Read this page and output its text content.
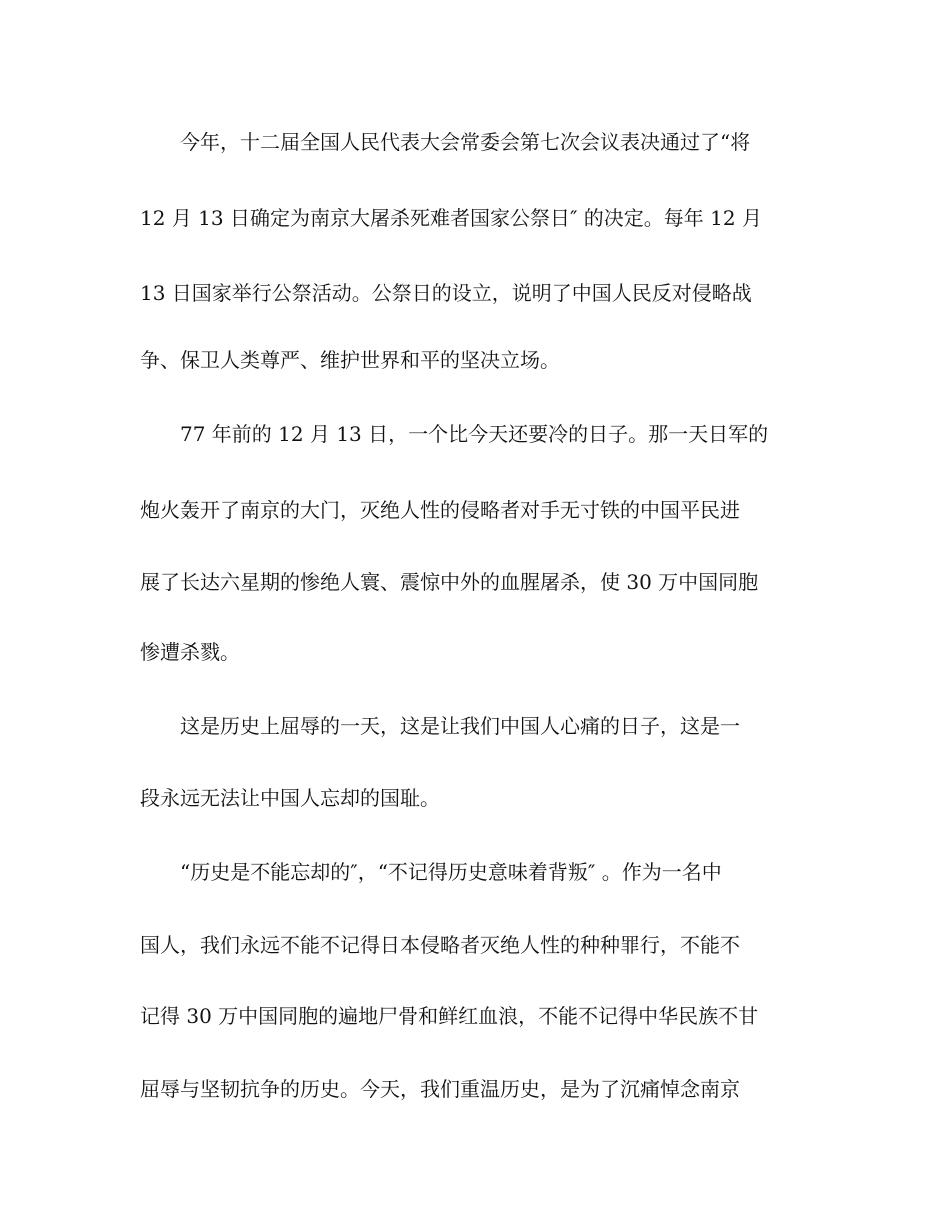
今年，十二届全国人民代表大会常委会第七次会议表决通过了“将
12 月 13 日确定为南京大屠杀死难者国家公祭日″ 的决定。每年 12 月
13 日国家举行公祭活动。公祭日的设立，说明了中国人民反对侵略战
争、保卫人类尊严、维护世界和平的坚决立场。
77 年前的 12 月 13 日，一个比今天还要冷的日子。那一天日军的
炮火轰开了南京的大门，灭绝人性的侵略者对手无寸铁的中国平民进
展了长达六星期的惨绝人寰、震惊中外的血腥屠杀，使 30 万中国同胞
惨遭杀戮。
这是历史上屈辱的一天，这是让我们中国人心痛的日子，这是一
段永远无法让中国人忘却的国耻。
“历史是不能忘却的″，“不记得历史意味着背叛″ 。作为一名中
国人，我们永远不能不记得日本侵略者灭绝人性的种种罪行，不能不
记得 30 万中国同胞的遍地尸骨和鲜红血浪，不能不记得中华民族不甘
屈辱与坚韧抗争的历史。今天，我们重温历史，是为了沉痛悼念南京
